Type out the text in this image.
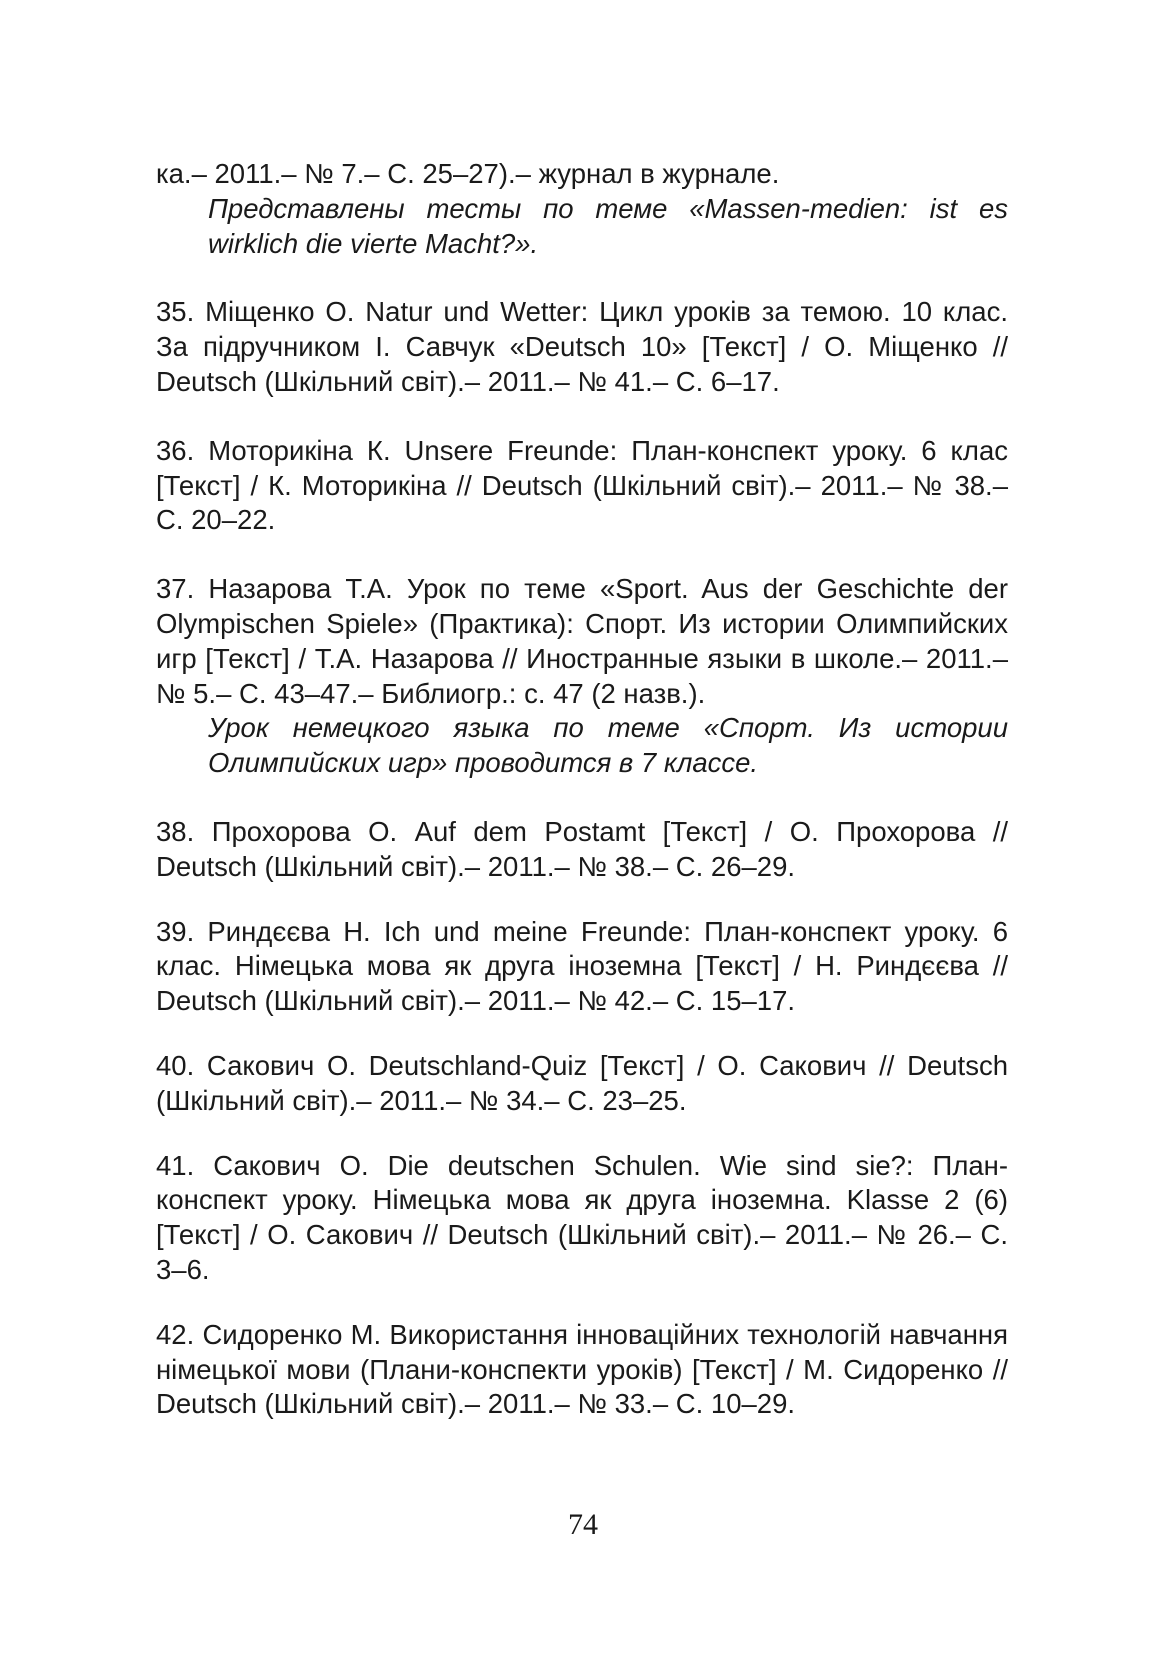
ка.– 2011.– № 7.– С. 25–27).– журнал в журнале.

Представлены тесты по теме «Massen-medien: ist es wirklich die vierte Macht?».

35. Міщенко О. Natur und Wetter: Цикл уроків за темою. 10 клас. За підручником І. Савчук «Deutsch 10» [Текст] / О. Міщенко // Deutsch (Шкільний світ).– 2011.– № 41.– С. 6–17.

36. Моторикіна К. Unsere Freunde: План-конспект уроку. 6 клас [Текст] / К. Моторикіна // Deutsch (Шкільний світ).– 2011.– № 38.– С. 20–22.

37. Назарова Т.А. Урок по теме «Sport. Aus der Geschichte der Olympischen Spiele» (Практика): Спорт. Из истории Олимпийских игр [Текст] / Т.А. Назарова // Иностранные языки в школе.– 2011.– № 5.– С. 43–47.– Библиогр.: с. 47 (2 назв.).

Урок немецкого языка по теме «Спорт. Из истории Олимпийских игр» проводится в 7 классе.

38. Прохорова О. Auf dem Postamt [Текст] / О. Прохорова // Deutsch (Шкільний світ).– 2011.– № 38.– С. 26–29.

39. Риндєєва Н. Ich und meine Freunde: План-конспект уроку. 6 клас. Німецька мова як друга іноземна [Текст] / Н. Риндєєва // Deutsch (Шкільний світ).– 2011.– № 42.– С. 15–17.

40. Сакович О. Deutschland-Quiz [Текст] / О. Сакович // Deutsch (Шкільний світ).– 2011.– № 34.– С. 23–25.

41. Сакович О. Die deutschen Schulen. Wie sind sie?: План-конспект уроку. Німецька мова як друга іноземна. Klasse 2 (6) [Текст] / О. Сакович // Deutsch (Шкільний світ).– 2011.– № 26.– С. 3–6.

42. Сидоренко М. Використання інноваційних технологій навчання німецької мови (Плани-конспекти уроків) [Текст] / М. Сидоренко // Deutsch (Шкільний світ).– 2011.– № 33.– С. 10–29.

74
